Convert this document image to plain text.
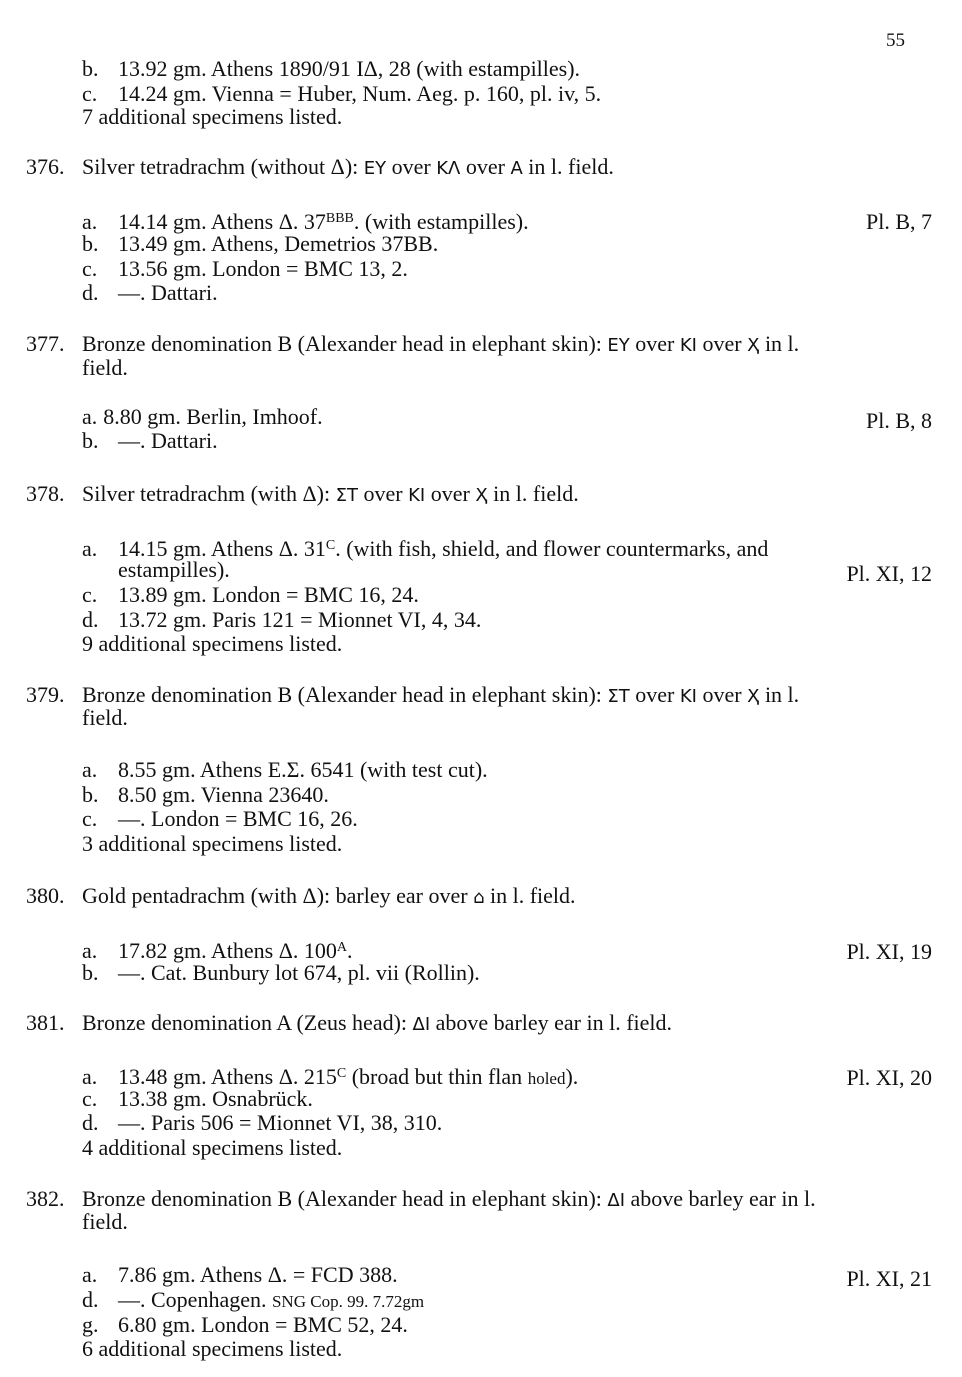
55
b. 13.92 gm. Athens 1890/91 IΔ, 28 (with estampilles).
c. 14.24 gm. Vienna = Huber, Num. Aeg. p. 160, pl. iv, 5.
7 additional specimens listed.
376. Silver tetradrachm (without Δ): EY over KΛ over A in l. field.
a. 14.14 gm. Athens Δ. $37^{BBB}$. (with estampilles).	Pl. B, 7
b. 13.49 gm. Athens, Demetrios 37BB.
c. 13.56 gm. London = BMC 13, 2.
d. —. Dattari.
377. Bronze denomination B (Alexander head in elephant skin): EY over KI over Ҳ in l.
field.
a. 8.80 gm. Berlin, Imhoof.	Pl. B, 8
b. —. Dattari.
378. Silver tetradrachm (with Δ): ΣT over KI over Ҳ in l. field.
a. 14.15 gm. Athens Δ. $31^C$. (with fish, shield, and flower countermarks, and
estampilles).	Pl. XI, 12
c. 13.89 gm. London = BMC 16, 24.
d. 13.72 gm. Paris 121 = Mionnet VI, 4, 34.
9 additional specimens listed.
379. Bronze denomination B (Alexander head in elephant skin): ΣT over KI over Ҳ in l.
field.
a. 8.55 gm. Athens E.Σ. 6541 (with test cut).
b. 8.50 gm. Vienna 23640.
c. —. London = BMC 16, 26.
3 additional specimens listed.
380. Gold pentadrachm (with Δ): barley ear over ⌂ in l. field.
a. 17.82 gm. Athens Δ. $100^A$.	Pl. XI, 19
b. —. Cat. Bunbury lot 674, pl. vii (Rollin).
381. Bronze denomination A (Zeus head): ΔI above barley ear in l. field.
a. 13.48 gm. Athens Δ. $215^C$ (broad but thin flan holed).	Pl. XI, 20
c. 13.38 gm. Osnabrück.
d. —. Paris 506 = Mionnet VI, 38, 310.
4 additional specimens listed.
382. Bronze denomination B (Alexander head in elephant skin): ΔI above barley ear in l.
field.
a. 7.86 gm. Athens Δ. = FCD 388.	Pl. XI, 21
d. —. Copenhagen. SNG Cop. 99. 7.72gm
g. 6.80 gm. London = BMC 52, 24.
6 additional specimens listed.
